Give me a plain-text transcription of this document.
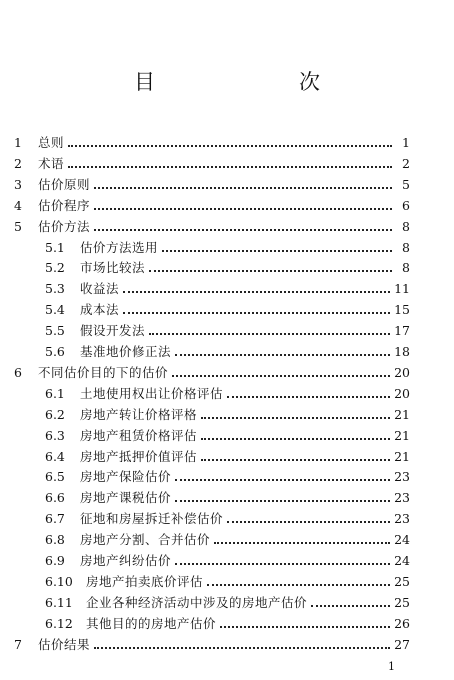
目　　次
1	总则	1
2	术语	2
3	估价原则	5
4	估价程序	6
5	估价方法	8
5.1	估价方法选用	8
5.2	市场比较法	8
5.3	收益法	11
5.4	成本法	15
5.5	假设开发法	17
5.6	基准地价修正法	18
6	不同估价目的下的估价	20
6.1	土地使用权出让价格评估	20
6.2	房地产转让价格评格	21
6.3	房地产租赁价格评估	21
6.4	房地产抵押价值评估	21
6.5	房地产保险估价	23
6.6	房地产课税估价	23
6.7	征地和房屋拆迁补偿估价	23
6.8	房地产分割、合并估价	24
6.9	房地产纠纷估价	24
6.10	房地产拍卖底价评估	25
6.11	企业各种经济活动中涉及的房地产估价	25
6.12	其他目的的房地产估价	26
7	估价结果	27
1
